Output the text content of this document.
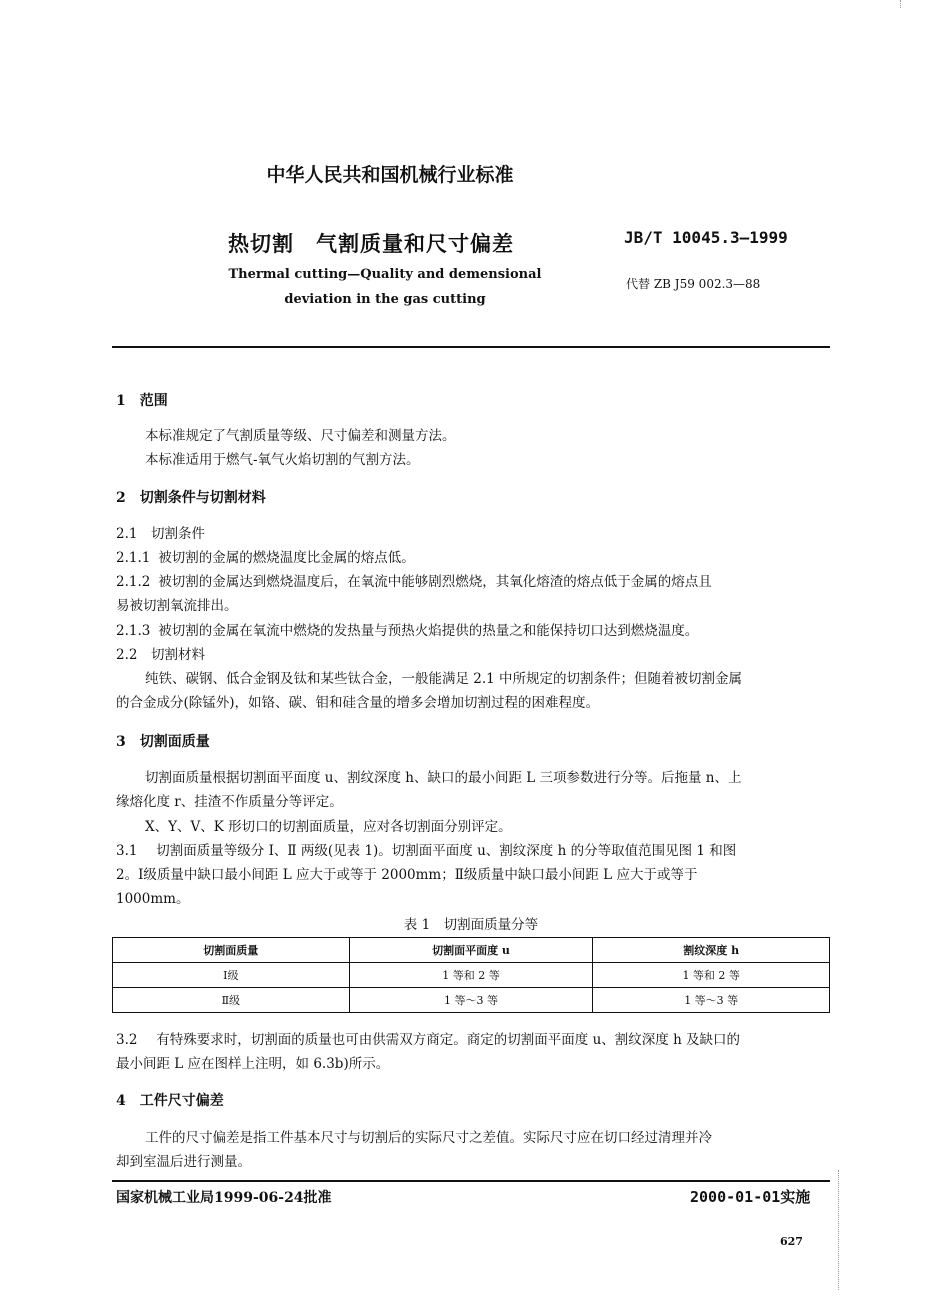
中华人民共和国机械行业标准
热切割　气割质量和尺寸偏差	JB/T 10045.3—1999
Thermal cutting—Quality and demensional
deviation in the gas cutting
代替 ZB J59 002.3—88
1　范围
本标准规定了气割质量等级、尺寸偏差和测量方法。
本标准适用于燃气-氧气火焰切割的气割方法。
2　切割条件与切割材料
2.1　切割条件
2.1.1 被切割的金属的燃烧温度比金属的熔点低。
2.1.2 被切割的金属达到燃烧温度后，在氧流中能够剧烈燃烧，其氧化熔渣的熔点低于金属的熔点且
易被切割氧流排出。
2.1.3 被切割的金属在氧流中燃烧的发热量与预热火焰提供的热量之和能保持切口达到燃烧温度。
2.2　切割材料
纯铁、碳钢、低合金钢及钛和某些钛合金，一般能满足 2.1 中所规定的切割条件；但随着被切割金属
的合金成分(除锰外)，如铬、碳、钼和硅含量的增多会增加切割过程的困难程度。
3　切割面质量
切割面质量根据切割面平面度 u、割纹深度 h、缺口的最小间距 L 三项参数进行分等。后拖量 n、上
缘熔化度 r、挂渣不作质量分等评定。
X、Y、V、K 形切口的切割面质量，应对各切割面分别评定。
3.1 切割面质量等级分 Ⅰ、Ⅱ 两级(见表 1)。切割面平面度 u、割纹深度 h 的分等取值范围见图 1 和图
2。Ⅰ级质量中缺口最小间距 L 应大于或等于 2000mm；Ⅱ级质量中缺口最小间距 L 应大于或等于
1000mm。
表 1　切割面质量分等
切割面质量	切割面平面度 u	割纹深度 h
Ⅰ级	1 等和 2 等	1 等和 2 等
Ⅱ级	1 等～3 等	1 等～3 等
3.2 有特殊要求时，切割面的质量也可由供需双方商定。商定的切割面平面度 u、割纹深度 h 及缺口的
最小间距 L 应在图样上注明，如 6.3b)所示。
4　工件尺寸偏差
工件的尺寸偏差是指工件基本尺寸与切割后的实际尺寸之差值。实际尺寸应在切口经过清理并冷
却到室温后进行测量。
国家机械工业局1999-06-24批准	2000-01-01实施
627
